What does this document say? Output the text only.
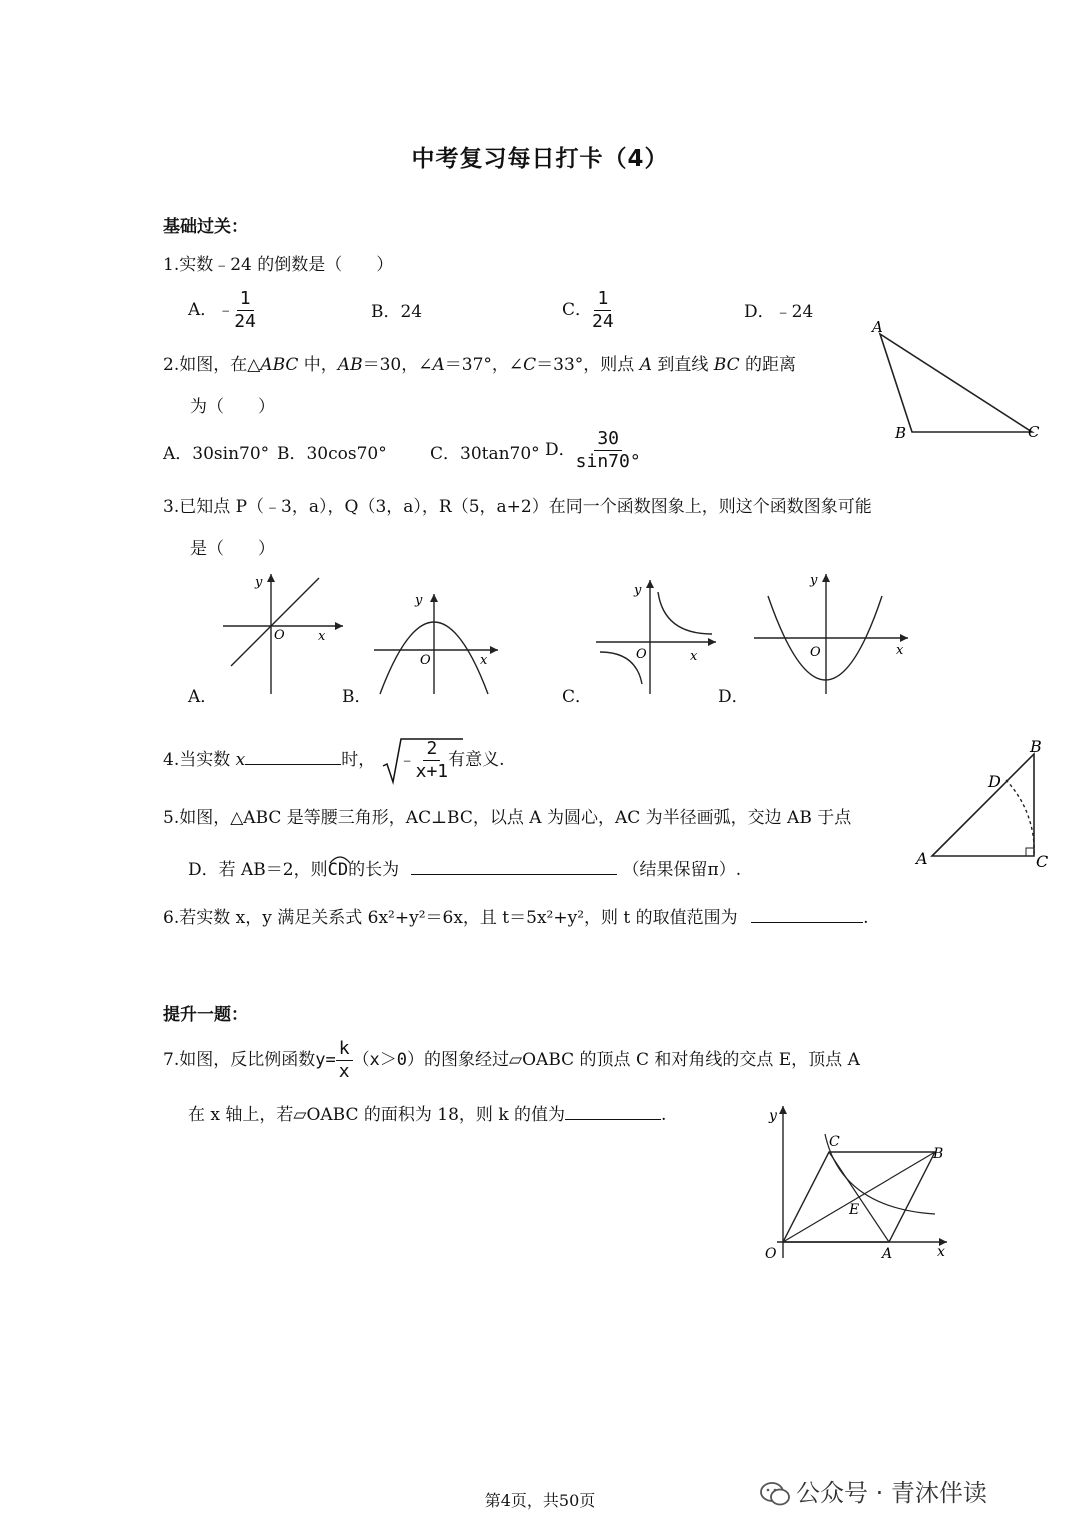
中考复习每日打卡（4）
基础过关：
1.实数﹣24 的倒数是（　　）
A．﹣ $\frac{1}{24}$	B．24	C． $\frac{1}{24}$	D．﹣24
2.如图，在△ABC 中，AB＝30，∠A＝37°，∠C＝33°，则点 A 到直线 BC 的距离
为（　　）
A．30sin70° B．30cos70°	C．30tan70° D． $\frac{30}{\sin 70^\circ}$
A
B	C
3.已知点 P（﹣3，a），Q（3，a），R（5，a+2）在同一个函数图象上，则这个函数图象可能
是（　　）
y
x
O
y
x
O
y
x
O
y
x
O
A．	B．	C．	D．
4.当实数 x	时， ﹣ $\frac{2}{x+1}$ 有意义.
5.如图，△ABC 是等腰三角形，AC⊥BC，以点 A 为圆心，AC 为半径画弧，交边 AB 于点
D．若 AB＝2，则
CD的长为	（结果保留π）.
A
B
C
D
6.若实数 x，y 满足关系式 6x²+y²＝6x，且 t＝5x²+y²，则 t 的取值范围为	.
提升一题：
7.如图，反比例函数$y= \frac{k}{x} (x>0)$的图象经过▱OABC 的顶点 C 和对角线的交点 E，顶点 A
在 x 轴上，若▱OABC 的面积为 18，则 k 的值为	.	y
x
O	A
B
C
E
第4页，共50页	公众号 · 青沐伴读
